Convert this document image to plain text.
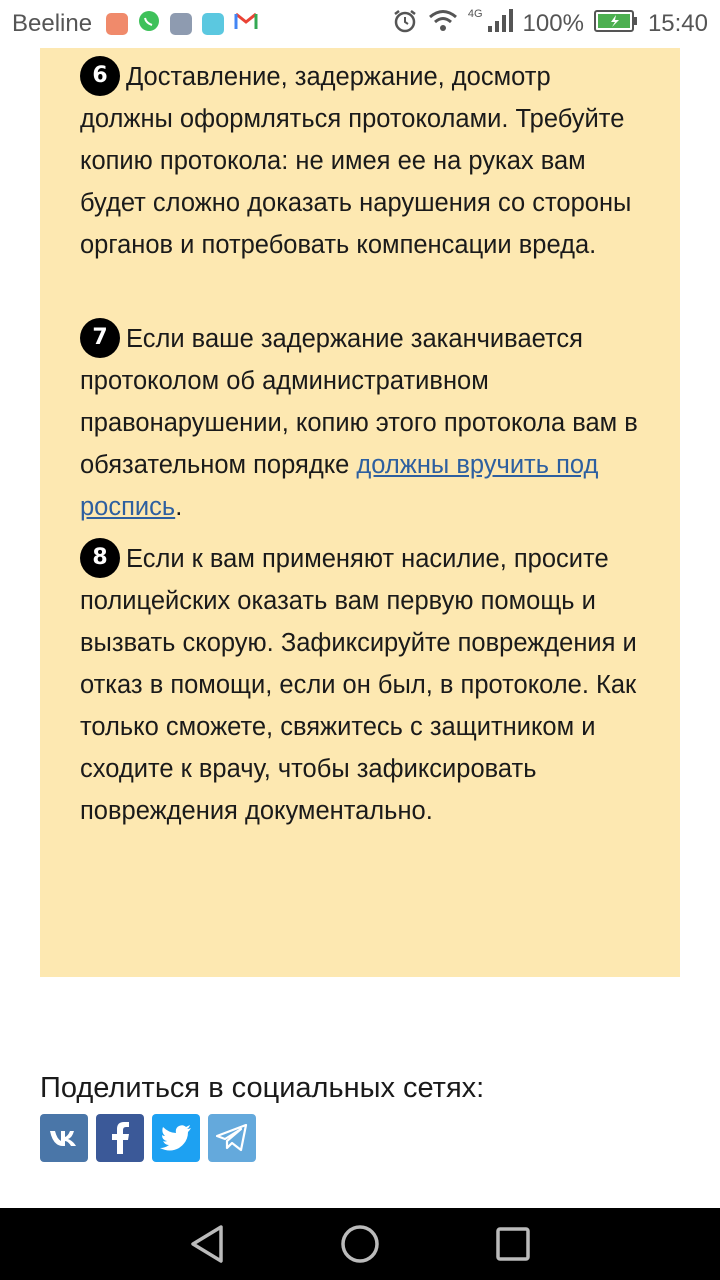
Beeline	4G 100%	15:40
6 Доставление, задержание, досмотр должны оформляться протоколами. Требуйте копию протокола: не имея ее на руках вам будет сложно доказать нарушения со стороны органов и потребовать компенсации вреда.
7 Если ваше задержание заканчивается протоколом об административном правонарушении, копию этого протокола вам в обязательном порядке должны вручить под роспись.
8 Если к вам применяют насилие, просите полицейских оказать вам первую помощь и вызвать скорую. Зафиксируйте повреждения и отказ в помощи, если он был, в протоколе. Как только сможете, свяжитесь с защитником и сходите к врачу, чтобы зафиксировать повреждения документально.
Поделиться в социальных сетях:
